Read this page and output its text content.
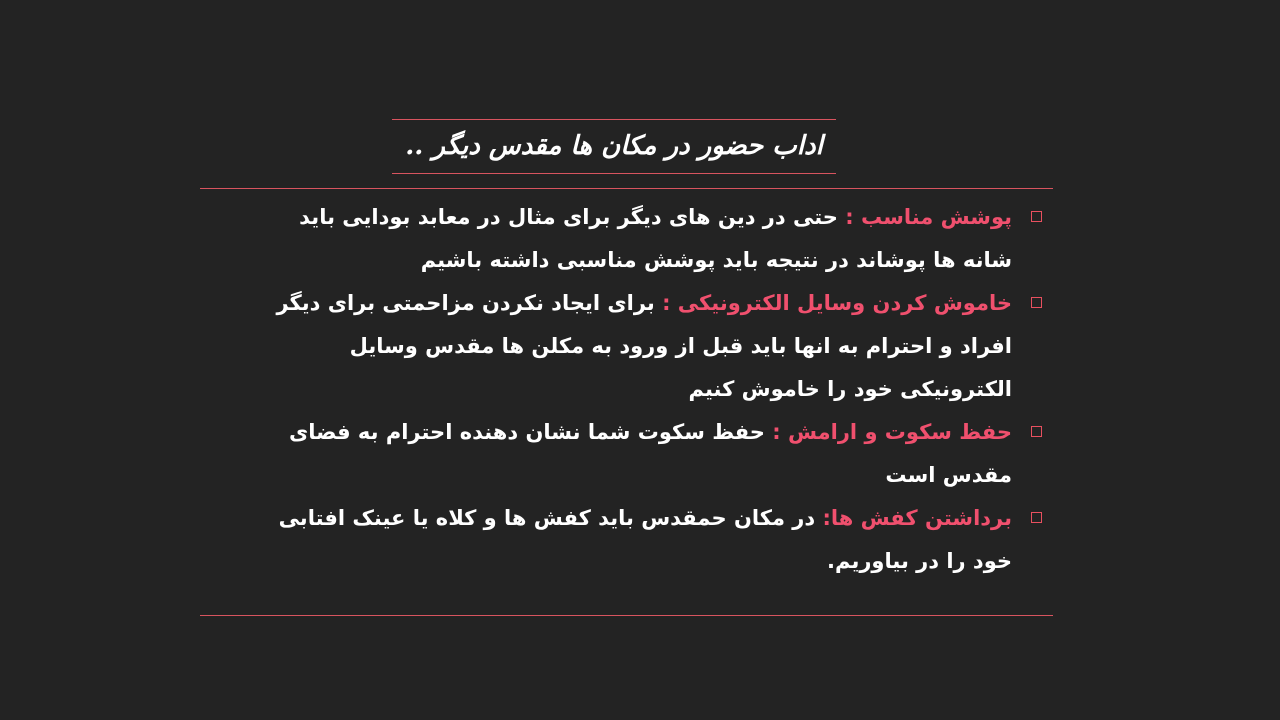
اداب حضور در مکان ها مقدس دیگر ..
پوشش مناسب : حتی در دین های دیگر برای مثال در معابد بودایی باید
شانه ها پوشاند در نتیجه باید پوشش مناسبی داشته باشیم
خاموش کردن وسایل الکترونیکی : برای ایجاد نکردن مزاحمتی برای دیگر
افراد و احترام به انها باید قبل از ورود به مکلن ها مقدس وسایل
الکترونیکی خود را خاموش کنیم
حفظ سکوت و ارامش : حفظ سکوت شما نشان دهنده احترام به فضای
مقدس است
برداشتن کفش ها: در مکان حمقدس باید کفش ها و کلاه یا عینک افتابی
خود را در بیاوریم.
